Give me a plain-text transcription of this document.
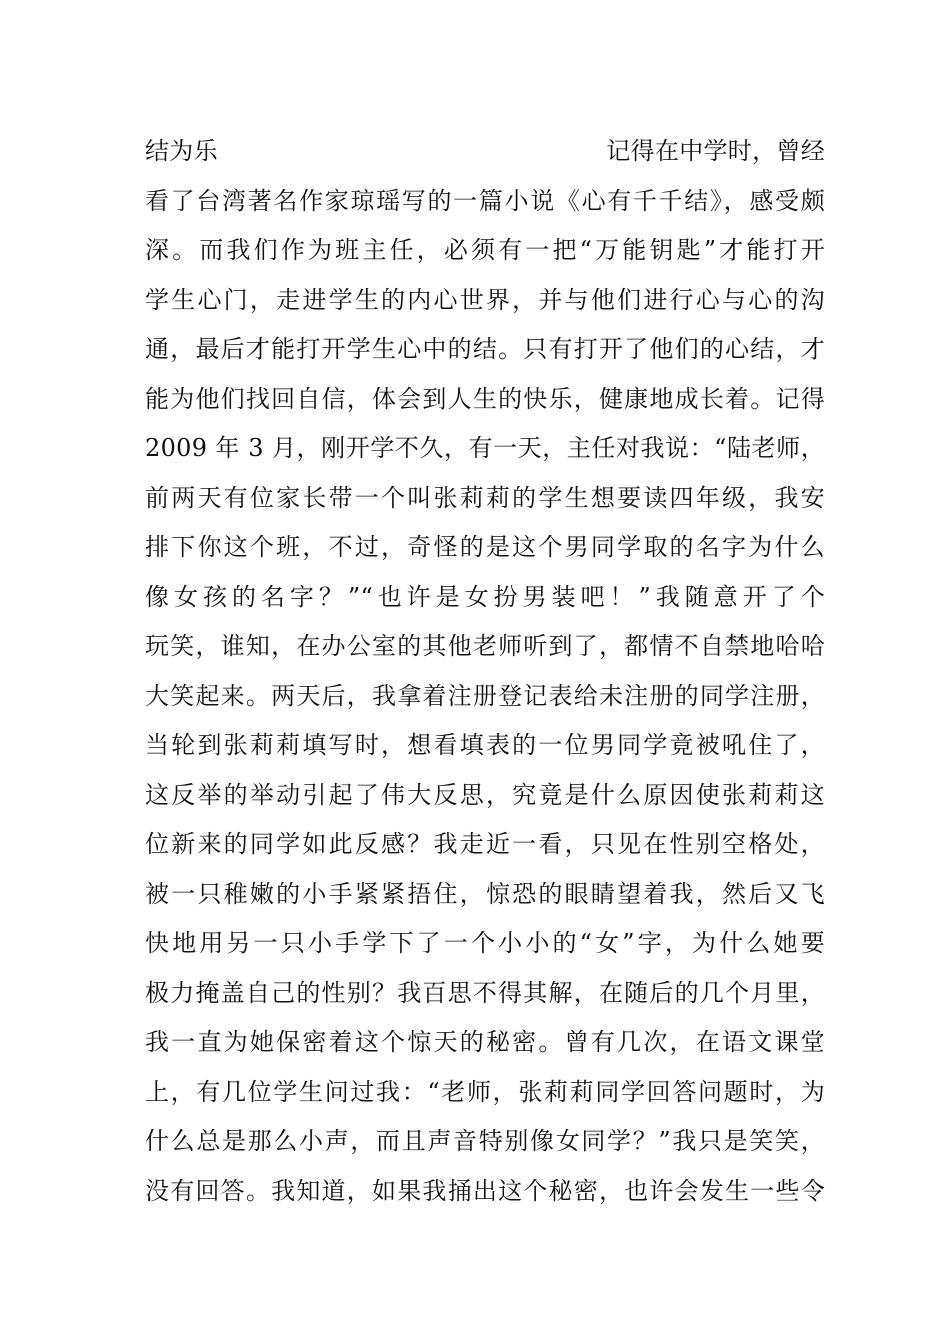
结为乐	记得在中学时，曾经
看了台湾著名作家琼瑶写的一篇小说《心有千千结》，感受颇
深。而我们作为班主任，必须有一把“万能钥匙”才能打开
学生心门，走进学生的内心世界，并与他们进行心与心的沟
通，最后才能打开学生心中的结。只有打开了他们的心结，才
能为他们找回自信，体会到人生的快乐，健康地成长着。记得
2009 年 3 月，刚开学不久，有一天，主任对我说：“陆老师，
前两天有位家长带一个叫张莉莉的学生想要读四年级，我安
排下你这个班，不过，奇怪的是这个男同学取的名字为什么
像女孩的名字？”“也许是女扮男装吧！”我随意开了个
玩笑，谁知，在办公室的其他老师听到了，都情不自禁地哈哈
大笑起来。两天后，我拿着注册登记表给未注册的同学注册，
当轮到张莉莉填写时，想看填表的一位男同学竟被吼住了，
这反举的举动引起了伟大反思，究竟是什么原因使张莉莉这
位新来的同学如此反感？我走近一看，只见在性别空格处，
被一只稚嫩的小手紧紧捂住，惊恐的眼睛望着我，然后又飞
快地用另一只小手学下了一个小小的“女”字，为什么她要
极力掩盖自己的性别？我百思不得其解，在随后的几个月里，
我一直为她保密着这个惊天的秘密。曾有几次，在语文课堂
上，有几位学生问过我：“老师，张莉莉同学回答问题时，为
什么总是那么小声，而且声音特别像女同学？”我只是笑笑，
没有回答。我知道，如果我捅出这个秘密，也许会发生一些令
